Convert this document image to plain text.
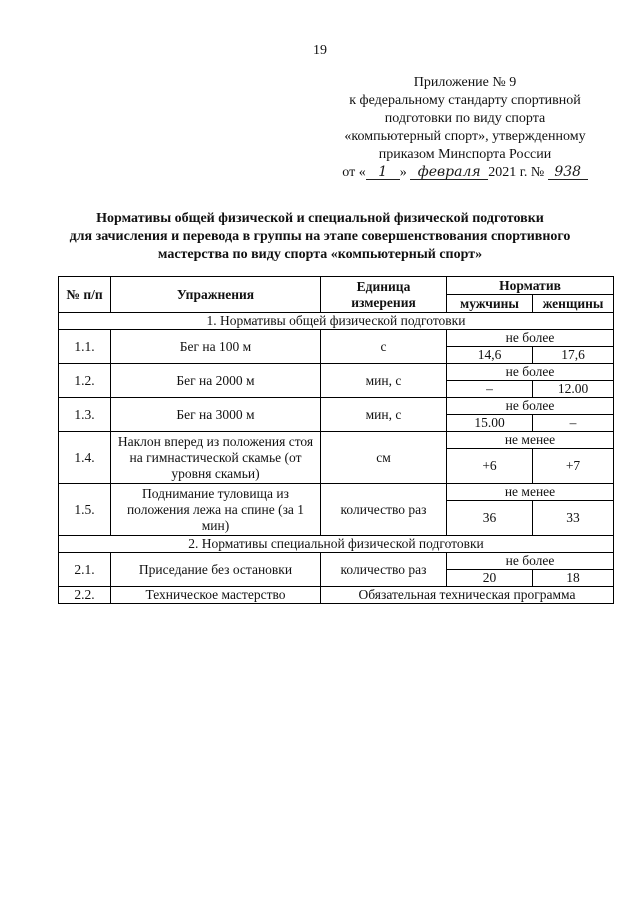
19
Приложение № 9
к федеральному стандарту спортивной
подготовки по виду спорта
«компьютерный спорт», утвержденному
приказом Минспорта России
от « 1 » февраля 2021 г. № 938
Нормативы общей физической и специальной физической подготовки
для зачисления и перевода в группы на этапе совершенствования спортивного
мастерства по виду спорта «компьютерный спорт»
№ п/п	Упражнения	Единица измерения	Норматив	
			мужчины	женщины
1. Нормативы общей физической подготовки				
1.1.	Бег на 100 м	с	не более	
			14,6	17,6
1.2.	Бег на 2000 м	мин, с	не более	
			–	12.00
1.3.	Бег на 3000 м	мин, с	не более	
			15.00	–
1.4.	Наклон вперед из положения стоя на гимнастической скамье (от уровня скамьи)	см	не менее	
			+6	+7
1.5.	Поднимание туловища из положения лежа на спине (за 1 мин)	количество раз	не менее	
			36	33
2. Нормативы специальной физической подготовки				
2.1.	Приседание без остановки	количество раз	не более	
			20	18
2.2.	Техническое мастерство	Обязательная техническая программа		
